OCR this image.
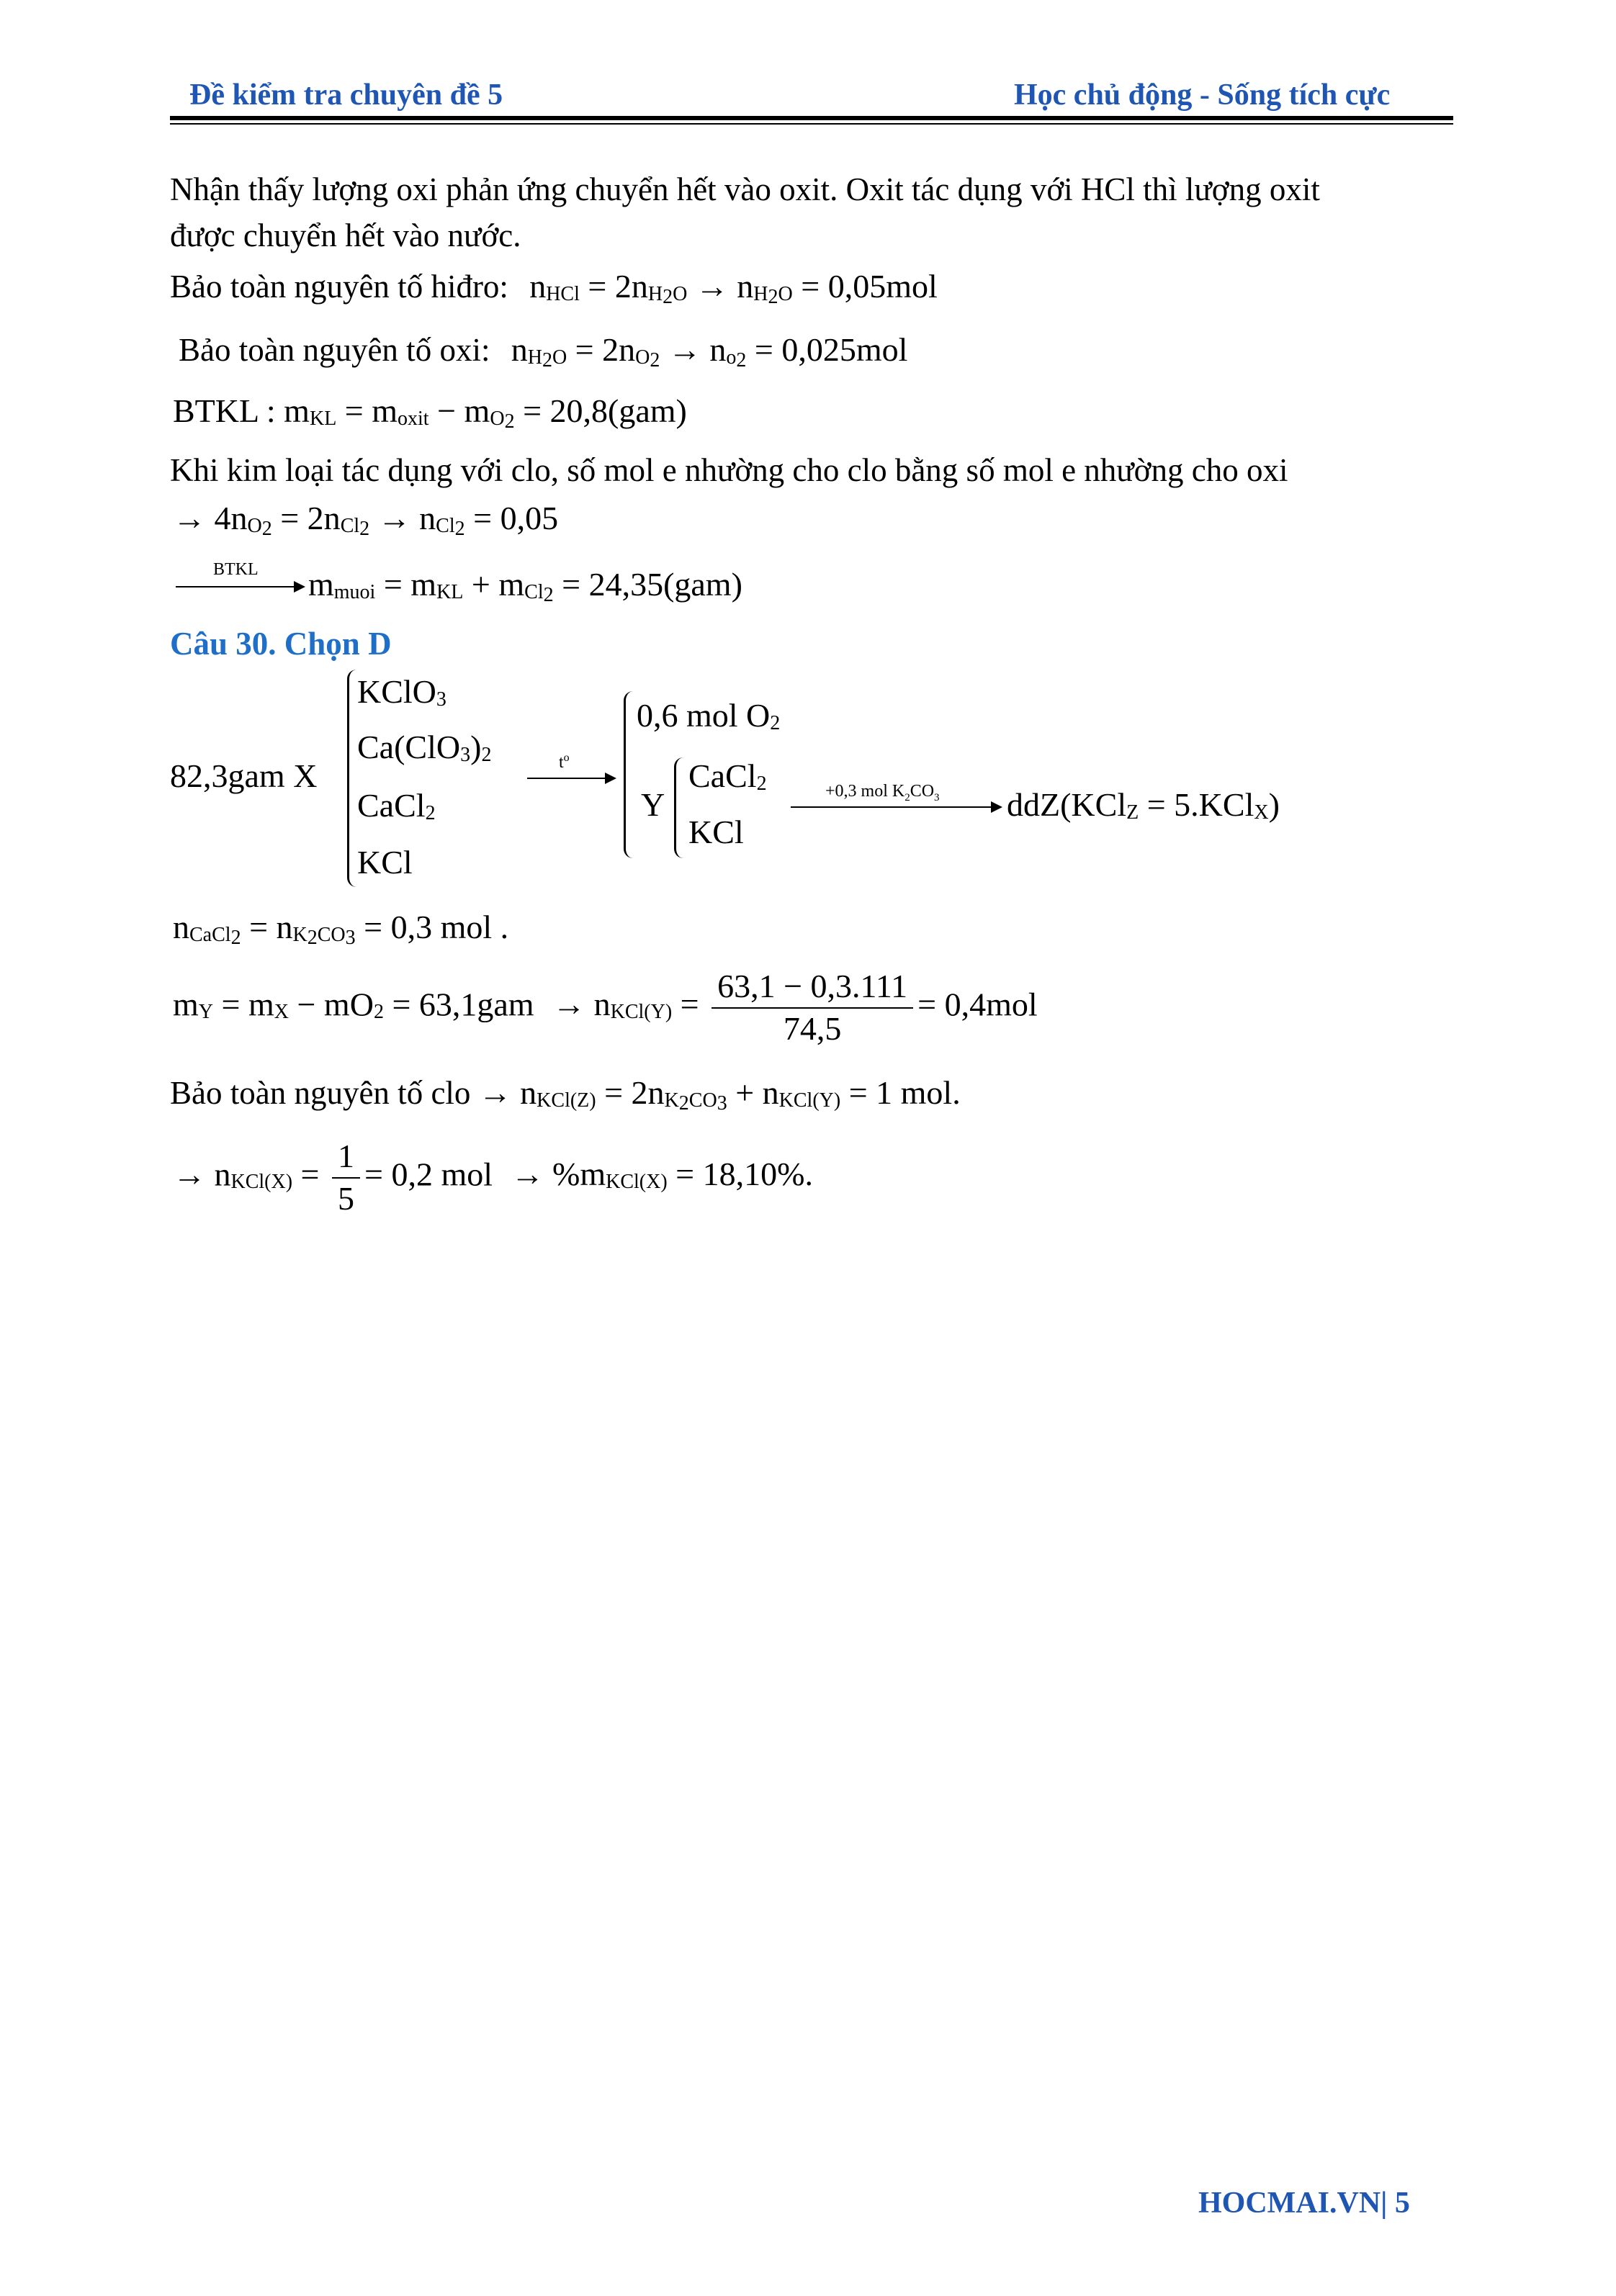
Đề kiểm tra chuyên đề 5	Học chủ động - Sống tích cực
Nhận thấy lượng oxi phản ứng chuyển hết vào oxit. Oxit tác dụng với HCl thì lượng oxit
được chuyển hết vào nước.
Bảo toàn nguyên tố hiđro: $n_{HCl} = 2n_{H_2O} \to n_{H_2O} = 0,05mol$
Bảo toàn nguyên tố oxi: $n_{H_2O} = 2n_{O_2} \to n_{o_2} = 0,025mol$
BTKL : $m_{KL} = m_{oxit} - m_{O_2} = 20,8(gam)$
Khi kim loại tác dụng với clo, số mol e nhường cho clo bằng số mol e nhường cho oxi
→ $4n_{O_2} = 2n_{Cl_2} \to n_{Cl_2} = 0,05$
BTKL $m_{muoi} = m_{KL} + m_{Cl_2} = 24,35(gam)$
Câu 30. Chọn D
82,3gam X
KClO$_3$
$Ca(ClO_3)_2$
CaCl$_2$
KCl
$t^o$
0,6 mol $O_2$
Y
CaCl$_2$
KCl
+0,3 mol $K_2CO_3$ ddZ(KCl$_Z$ = 5.KCl$_X$)
$n_{CaCl_2} = n_{K_2CO_3} = 0,3$ mol .
$m_Y = m_X - mO_2 = 63,1gam \to n_{KCl(Y)} = \frac{63,1 - 0,3.111}{74,5} = 0,4mol$
Bảo toàn nguyên tố clo → $n_{KCl(Z)} = 2n_{K_2CO_3} + n_{KCl(Y)} = 1$ mol.
→ $n_{KCl(X)} = \frac{1}{5} = 0,2$ mol → $\%m_{KCl(X)} = 18,10\%$.
HOCMAI.VN| 5
